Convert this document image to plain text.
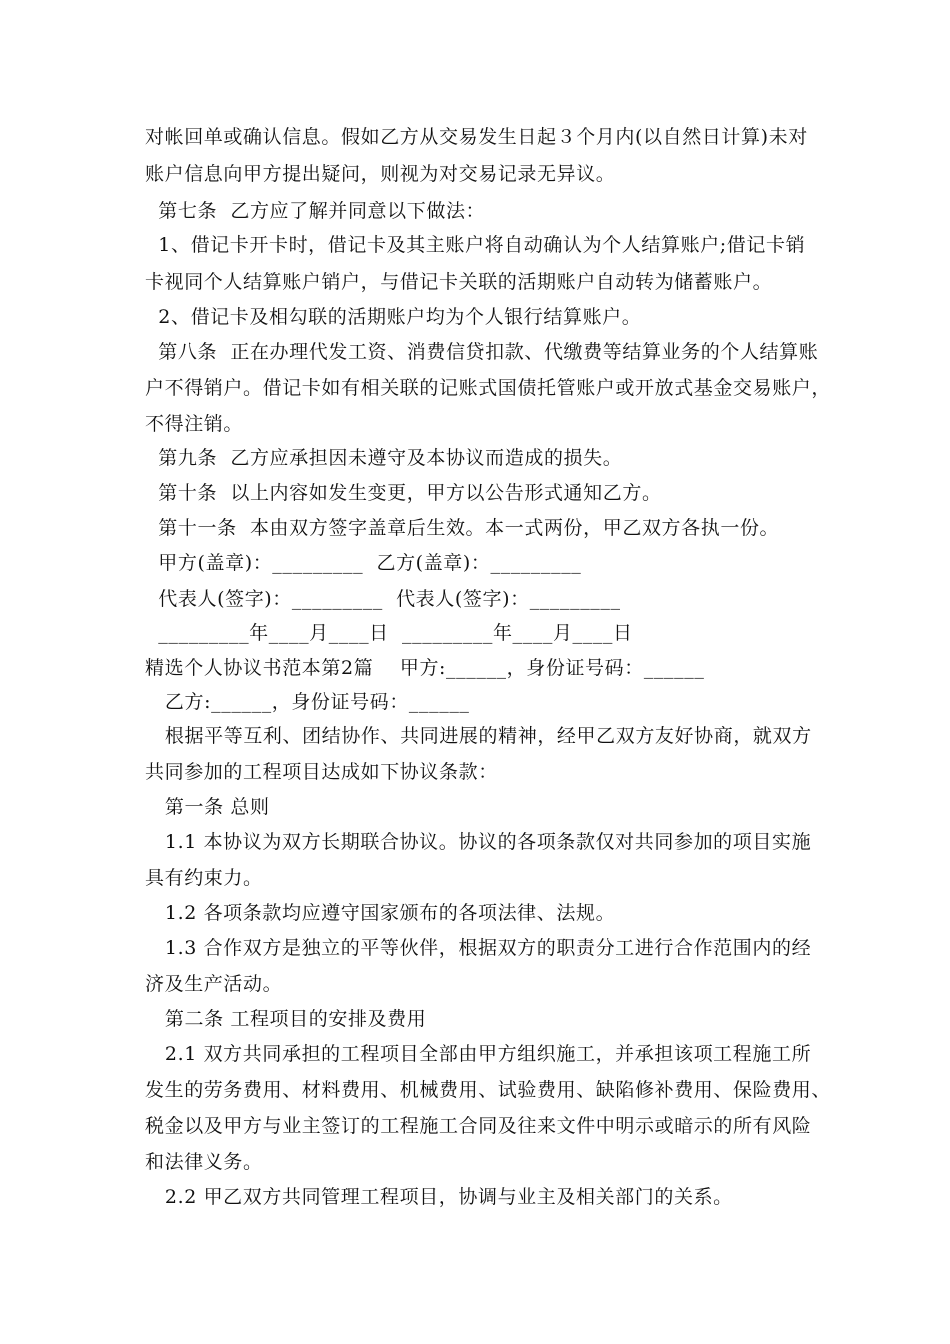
对帐回单或确认信息。假如乙方从交易发生日起３个月内(以自然日计算)未对
账户信息向甲方提出疑问，则视为对交易记录无异议。
第七条  乙方应了解并同意以下做法：
1、借记卡开卡时，借记卡及其主账户将自动确认为个人结算账户;借记卡销
卡视同个人结算账户销户，与借记卡关联的活期账户自动转为储蓄账户。
2、借记卡及相勾联的活期账户均为个人银行结算账户。
第八条  正在办理代发工资、消费信贷扣款、代缴费等结算业务的个人结算账
户不得销户。借记卡如有相关联的记账式国债托管账户或开放式基金交易账户，
不得注销。
第九条  乙方应承担因未遵守及本协议而造成的损失。
第十条  以上内容如发生变更，甲方以公告形式通知乙方。
第十一条  本由双方签字盖章后生效。本一式两份，甲乙双方各执一份。
甲方(盖章)：_________  乙方(盖章)：_________
代表人(签字)：_________  代表人(签字)：_________
_________年____月____日  _________年____月____日
精选个人协议书范本第2篇    甲方:______，身份证号码：______
乙方:______，身份证号码：______
根据平等互利、团结协作、共同进展的精神，经甲乙双方友好协商，就双方
共同参加的工程项目达成如下协议条款：
第一条 总则
1.1 本协议为双方长期联合协议。协议的各项条款仅对共同参加的项目实施
具有约束力。
1.2 各项条款均应遵守国家颁布的各项法律、法规。
1.3 合作双方是独立的平等伙伴，根据双方的职责分工进行合作范围内的经
济及生产活动。
第二条 工程项目的安排及费用
2.1 双方共同承担的工程项目全部由甲方组织施工，并承担该项工程施工所
发生的劳务费用、材料费用、机械费用、试验费用、缺陷修补费用、保险费用、
税金以及甲方与业主签订的工程施工合同及往来文件中明示或暗示的所有风险
和法律义务。
2.2 甲乙双方共同管理工程项目，协调与业主及相关部门的关系。
